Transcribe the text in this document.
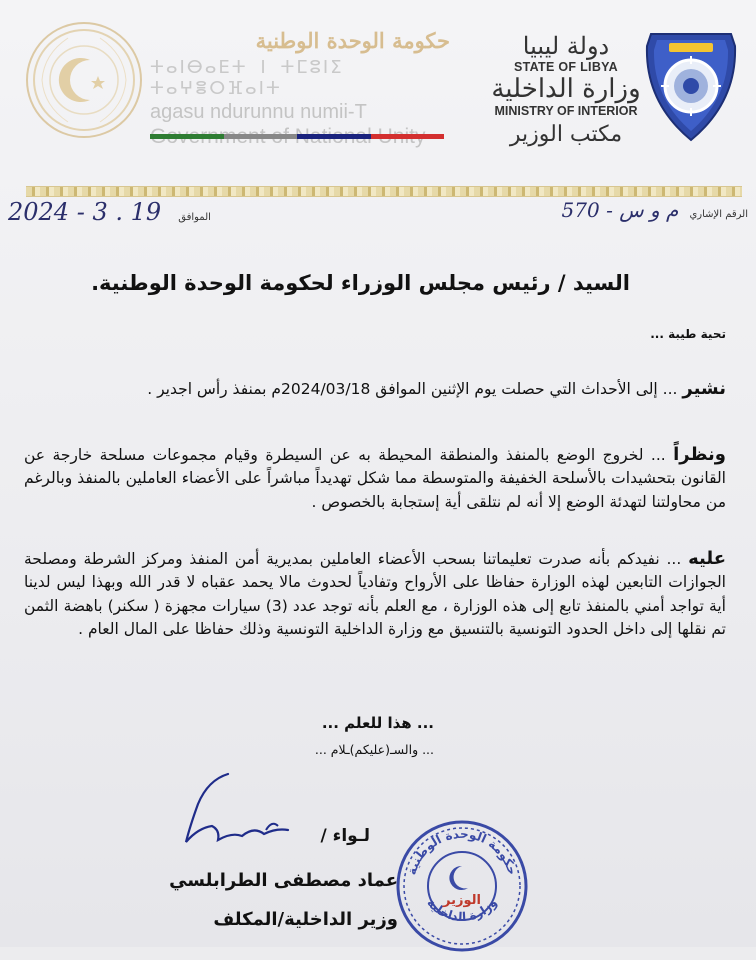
حكومة الوحدة الوطنية
ⵜⴰⵏⴱⴰⴹⵜ ⵏ ⵜⵎⵓⵏⵉ ⵜⴰⵖⴻⵔⴼⴰⵏⵜ
agasu ndurunnu numii-T
دولة ليبيا
STATE OF LIBYA
وزارة الداخلية
MINISTRY OF INTERIOR
مكتب الوزير
2024 - 3 . 19 الموافق	الرقم الإشاري م و س - 570
السيد / رئيس مجلس الوزراء لحكومة الوحدة الوطنية.
تحية طيبة ...
نشير ... إلى الأحداث التي حصلت يوم الإثنين الموافق 2024/03/18م بمنفذ رأس اجدير .
ونظراً ... لخروج الوضع بالمنفذ والمنطقة المحيطة به عن السيطرة وقيام مجموعات مسلحة خارجة عن القانون بتحشيدات بالأسلحة الخفيفة والمتوسطة مما شكل تهديداً مباشراً على الأعضاء العاملين بالمنفذ وبالرغم من محاولتنا لتهدئة الوضع إلا أنه لم نتلقى أية إستجابة بالخصوص .
عليه ... نفيدكم بأنه صدرت تعليماتنا بسحب الأعضاء العاملين بمديرية أمن المنفذ ومركز الشرطة ومصلحة الجوازات التابعين لهذه الوزارة حفاظا على الأرواح وتفادياً لحدوث مالا يحمد عقباه لا قدر الله وبهذا ليس لدينا أية تواجد أمني بالمنفذ تابع إلى هذه الوزارة ، مع العلم بأنه توجد عدد (3) سيارات مجهزة ( سكنر) باهضة الثمن تم نقلها إلى داخل الحدود التونسية بالتنسيق مع وزارة الداخلية التونسية وذلك حفاظا على المال العام .
... هذا للعلم ...
... والسـ(عليكم)ـلام ...
لـواء /
عماد مصطفى الطرابلسي
وزير الداخلية/المكلف
حكومة الوحدة الوطنية
وزارة الداخلية
الوزير
